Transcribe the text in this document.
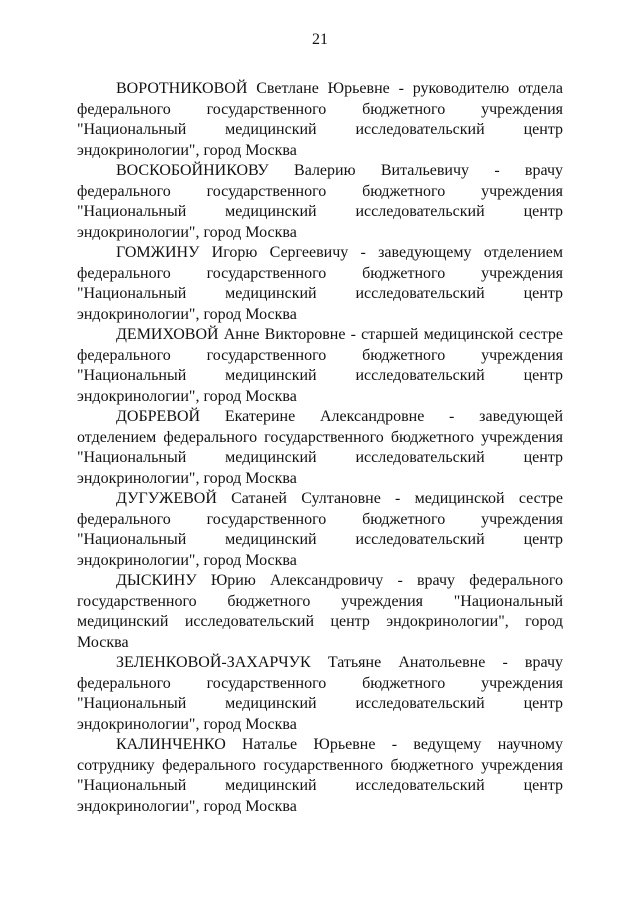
21

ВОРОТНИКОВОЙ Светлане Юрьевне - руководителю отдела федерального государственного бюджетного учреждения "Национальный медицинский исследовательский центр эндокринологии", город Москва

ВОСКОБОЙНИКОВУ Валерию Витальевичу - врачу федерального государственного бюджетного учреждения "Национальный медицинский исследовательский центр эндокринологии", город Москва

ГОМЖИНУ Игорю Сергеевичу - заведующему отделением федерального государственного бюджетного учреждения "Национальный медицинский исследовательский центр эндокринологии", город Москва

ДЕМИХОВОЙ Анне Викторовне - старшей медицинской сестре федерального государственного бюджетного учреждения "Национальный медицинский исследовательский центр эндокринологии", город Москва

ДОБРЕВОЙ Екатерине Александровне - заведующей отделением федерального государственного бюджетного учреждения "Национальный медицинский исследовательский центр эндокринологии", город Москва

ДУГУЖЕВОЙ Сатаней Султановне - медицинской сестре федерального государственного бюджетного учреждения "Национальный медицинский исследовательский центр эндокринологии", город Москва

ДЫСКИНУ Юрию Александровичу - врачу федерального государственного бюджетного учреждения "Национальный медицинский исследовательский центр эндокринологии", город Москва

ЗЕЛЕНКОВОЙ-ЗАХАРЧУК Татьяне Анатольевне - врачу федерального государственного бюджетного учреждения "Национальный медицинский исследовательский центр эндокринологии", город Москва

КАЛИНЧЕНКО Наталье Юрьевне - ведущему научному сотруднику федерального государственного бюджетного учреждения "Национальный медицинский исследовательский центр эндокринологии", город Москва
